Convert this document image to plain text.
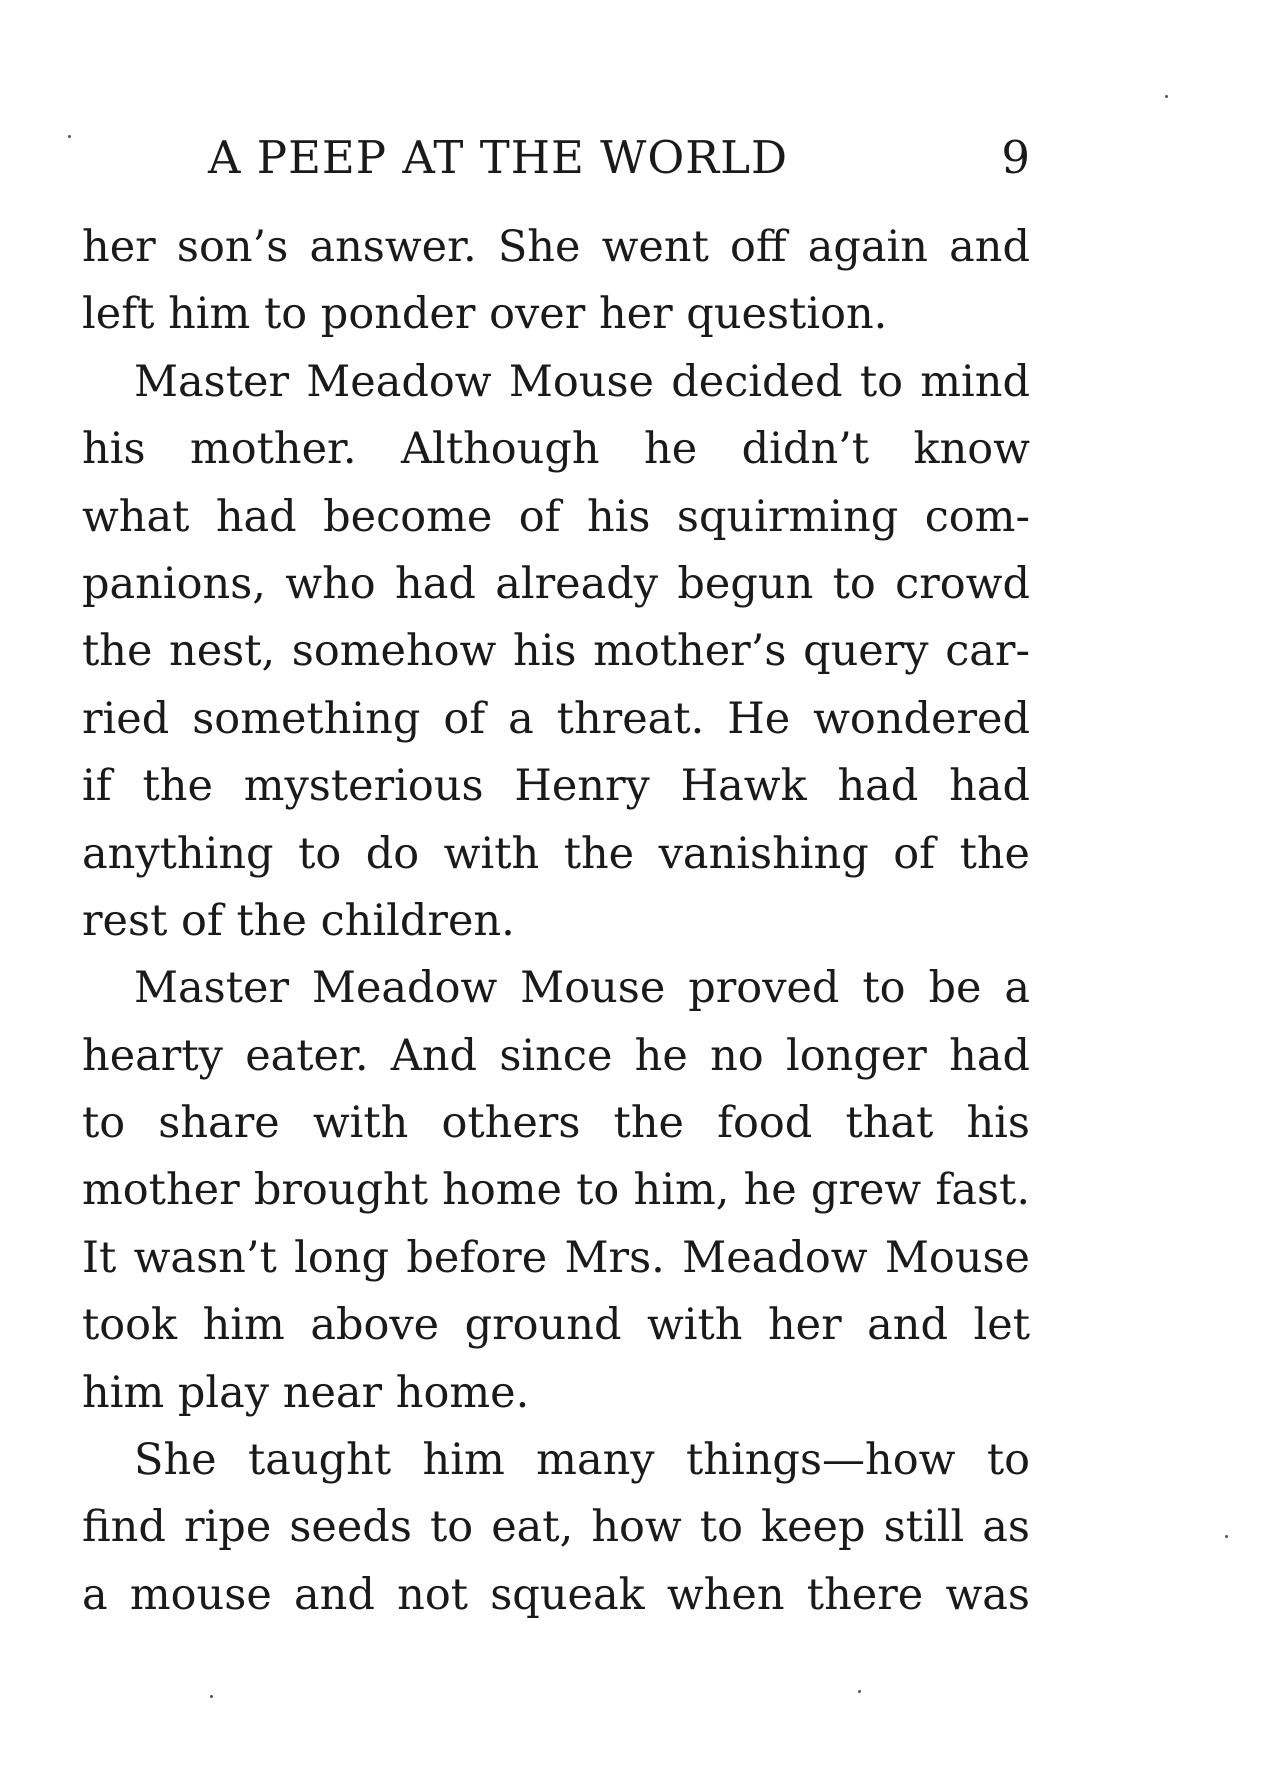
A PEEP AT THE WORLD	9
her son’s answer. She went off again and
left him to ponder over her question.
Master Meadow Mouse decided to mind
his mother. Although he didn’t know
what had become of his squirming com-
panions, who had already begun to crowd
the nest, somehow his mother’s query car-
ried something of a threat. He wondered
if the mysterious Henry Hawk had had
anything to do with the vanishing of the
rest of the children.
Master Meadow Mouse proved to be a
hearty eater. And since he no longer had
to share with others the food that his
mother brought home to him, he grew fast.
It wasn’t long before Mrs. Meadow Mouse
took him above ground with her and let
him play near home.
She taught him many things—how to
find ripe seeds to eat, how to keep still as
a mouse and not squeak when there was
